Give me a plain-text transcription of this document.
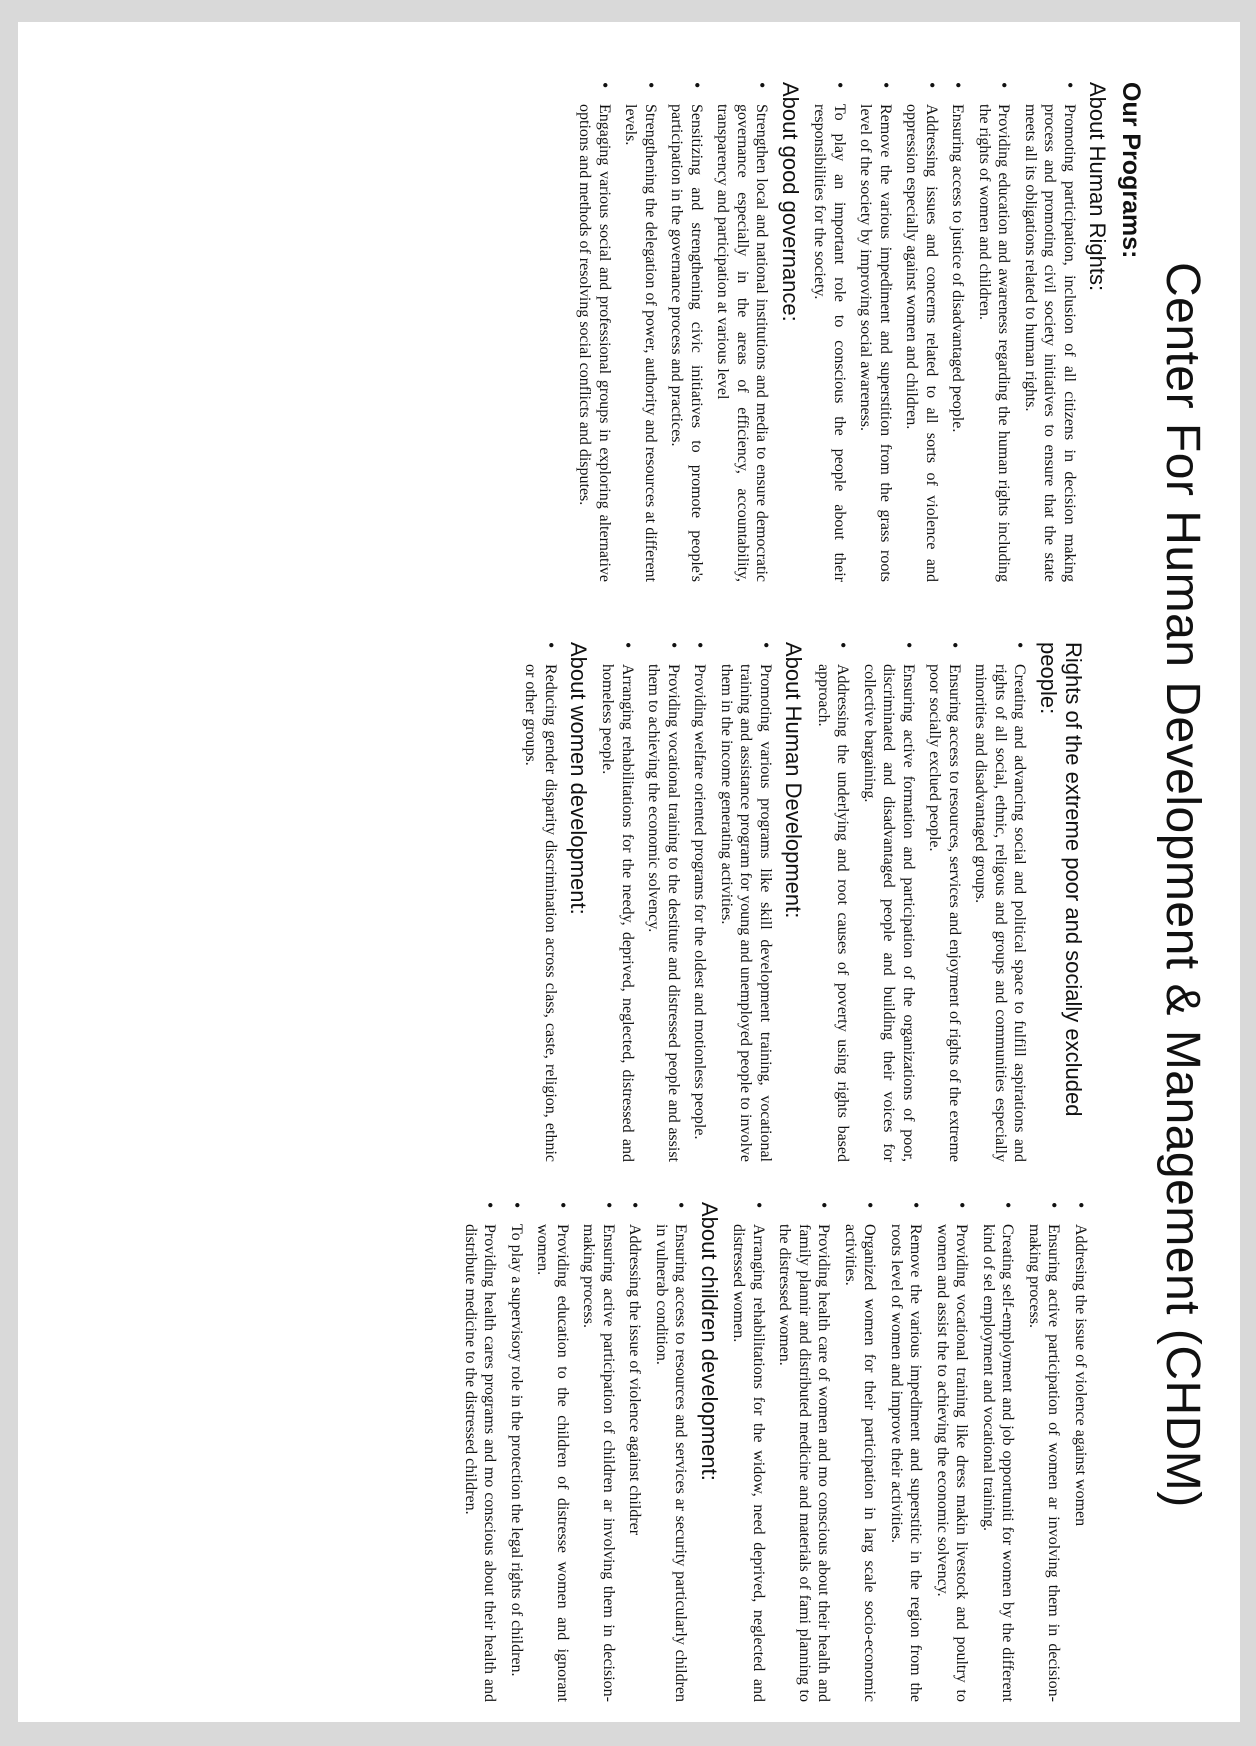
Center For Human Development & Management (CHDM)
Our Programs:
About Human Rights:
• Promoting participation, inclusion of all citizens in decision making process and promoting civil society initiatives to ensure that the state meets all its obligations related to human rights.
• Providing education and awareness regarding the human rights including the rights of women and children.
• Ensuring access to justice of disadvantaged people.
• Addressing issues and concerns related to all sorts of violence and oppression especially against women and children.
• Remove the various impediment and superstition from the grass roots level of the society by improving social awareness.
• To play an important role to conscious the people about their responsibilities for the society.
About good governance:
• Strengthen local and national institutions and media to ensure democratic governance especially in the areas of efficiency, accountability, transparency and participation at various level
• Sensitizing and strengthening civic initiatives to promote people's participation in the governance process and practices.
• Strengthening the delegation of power, authority and resources at different levels.
• Engaging various social and professional groups in exploring alternative options and methods of resolving social conflicts and disputes.
Rights of the extreme poor and socially excluded people:
• Creating and advancing social and political space to fulfill aspirations and rights of all social, ethnic, religous and groups and communities especially minorities and disadvantaged groups.
• Ensuring access to resources, services and enjoyment of rights of the extreme poor socially exclued people.
• Ensuring active formation and participation of the organizations of poor, discriminated and disadvantaged people and building their voices for collective bargaining.
• Addressing the underlying and root causes of poverty using rights based approach.
About Human Development:
• Promoting various programs like skill development training, vocational training and assistance program for young and unemployed people to involve them in the income generating activities.
• Providing welfare oriented programs for the oldest and motionless people.
• Providing vocational training to the destitute and distressed people and assist them to achieving the economic solvency.
• Arranging rehabilitations for the needy, deprived, neglected, distressed and homeless people.
About women development:
• Reducing gender disparity discrimination across class, caste, religion, ethnic or other groups.
• Addresing the issue of violence against women
• Ensuring active participation of women ar involving them in decision-making process.
• Creating self-employment and job opportuniti for women by the different kind of sel employment and vocational training.
• Providing vocational training like dress makin livestock and poultry to women and assist the to achieving the economic solvency.
• Remove the various impediment and superstitic in the region from the roots level of women and improve their activities.
• Organized women for their participation in larg scale socio-economic activities.
• Providing health care of women and mo conscious about their health and family plannir and distributed medicine and materials of fami planning to the distressed women.
• Arranging rehabilitations for the widow, need deprived, neglected and distressed women.
About children development:
• Ensuring access to resources and services ar security particularly children in vulnerab condition.
• Addressing the issue of violence against childrer
• Ensuring active participation of children ar involving them in decision-making process.
• Providing education to the children of distresse women and ignorant women.
• To play a supervisory role in the protection the legal rights of children.
• Providing health cares programs and mo conscious about their health and distribute medicine to the distressed children.
